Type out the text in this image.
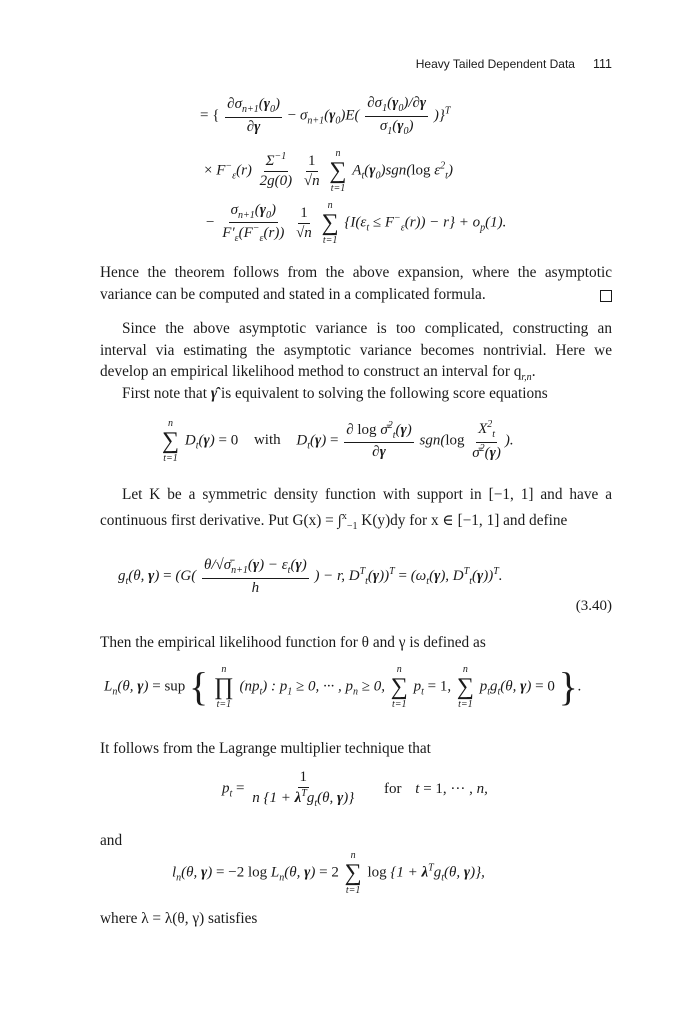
Heavy Tailed Dependent Data 111
= { $\frac{\partial\sigma_{n+1}(\gamma_0)}{\partial\gamma} - \sigma_{n+1}(\gamma_0)E( \frac{\partial\sigma_1(\gamma_0)/\partial\gamma}{\sigma_1(\gamma_0)} )\}^T$
× $F^-_\varepsilon(r) \frac{\Sigma^{-1}}{2g(0)}$
$\frac{1}{√n}$
n
∑
t=1
$A_t(\gamma_0)sgn(\log$ $\varepsilon^2_t$)
− $\frac{\sigma_{n+1}(\gamma_0)}{F'_\varepsilon(F^-_\varepsilon(r))}$
$\frac{1}{√n}$
n
∑
t=1
$\{I(\varepsilon_t \le F^-_\varepsilon(r)) - r\} + o_p(1)$.

Hence the theorem follows from the above expansion, where the asymptotic variance can be computed and stated in a complicated formula.

Since the above asymptotic variance is too complicated, constructing an interval via estimating the asymptotic variance becomes nontrivial. Here we develop an empirical likelihood method to construct an interval for $q_{r,n}$.

First note that γ̂ is equivalent to solving the following score equations

n
∑
t=1
$D_t(\gamma) = 0$ with $D_t(\gamma) = \frac{\partial \log \sigmā^2_t(\gamma)}{\partial\gamma} sgn(\log \frac{X^2_t}{\sigmā^2(\gamma)}$ ).

Let K be a symmetric density function with support in [−1, 1] and have a continuous first derivative. Put G(x) = ∫$^x_{-1}$ K(y)dy for x ∈ [−1, 1] and define

$g_t(\theta$, $\gamma) = (G( \frac{\theta/√\sigmā_{n+1}(\gamma) - \varepsilon_t(\gamma)}{h}$ ) − r, $D^T_t(\gamma))^T = (\omega_t(\gamma)$, $D^T_t(\gamma))^T$.
(3.40)

Then the empirical likelihood function for θ and γ is defined as

$L_n(\theta$, γ) = sup { n
∏
t=1
$(np_t)$ : $p_1 \ge 0$, ··· , $p_n \ge 0$,
n
∑
t=1
$p_t = 1$,
n
∑
t=1
$p_tg_t(\theta$, γ) = 0 }.

It follows from the Lagrange multiplier technique that

$p_t = \frac{1}{n \{1 + \lambda^Tg_t(\theta, \gamma)\}}$ for t = 1, ··· , n,

and

$l_n(\theta$, γ) = −2 $\log L_n(\theta$, γ) = 2
n
∑
t=1
$\log \{1 + \lambda^Tg_t(\theta$, γ)},

where λ = λ(θ, γ) satisfies
